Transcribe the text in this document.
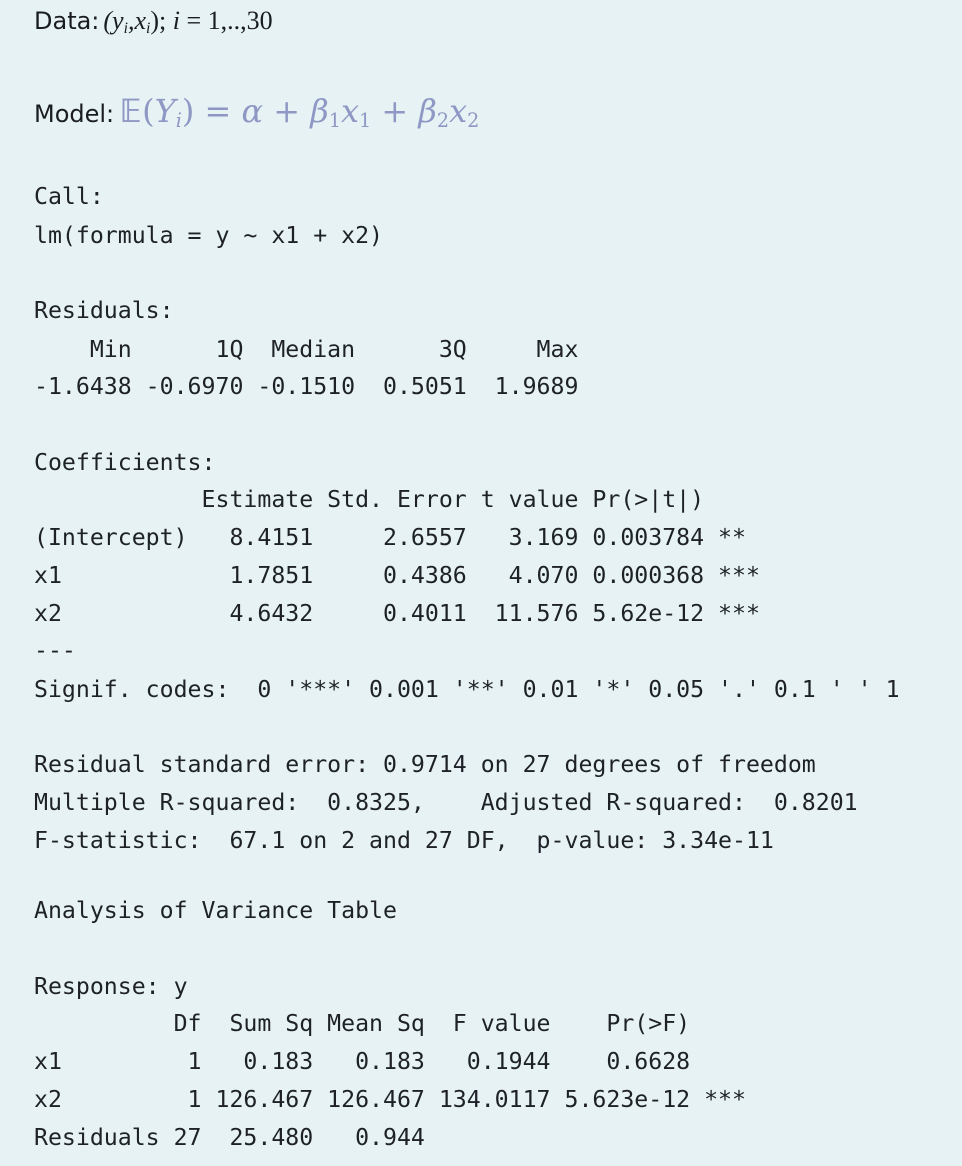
Data: $(y_i,x_i)$; i = 1,..,30
Model: $𝔼(Y_i) = \alpha + \beta_1x_1 + \beta_2x_2$
Call:
lm(formula = y ~ x1 + x2)
Residuals:
Min      1Q  Median      3Q     Max
-1.6438 -0.6970 -0.1510  0.5051  1.9689
Coefficients:
Estimate Std. Error t value Pr(>|t|)
(Intercept)   8.4151     2.6557   3.169 0.003784 **
x1            1.7851     0.4386   4.070 0.000368 ***
x2            4.6432     0.4011  11.576 5.62e-12 ***
---
Signif. codes:  0 '***' 0.001 '**' 0.01 '*' 0.05 '.' 0.1 ' ' 1
Residual standard error: 0.9714 on 27 degrees of freedom
Multiple R-squared:  0.8325,    Adjusted R-squared:  0.8201
F-statistic:  67.1 on 2 and 27 DF,  p-value: 3.34e-11
Analysis of Variance Table
Response: y
Df  Sum Sq Mean Sq  F value    Pr(>F)
x1         1   0.183   0.183   0.1944    0.6628
x2         1 126.467 126.467 134.0117 5.623e-12 ***
Residuals 27  25.480   0.944
